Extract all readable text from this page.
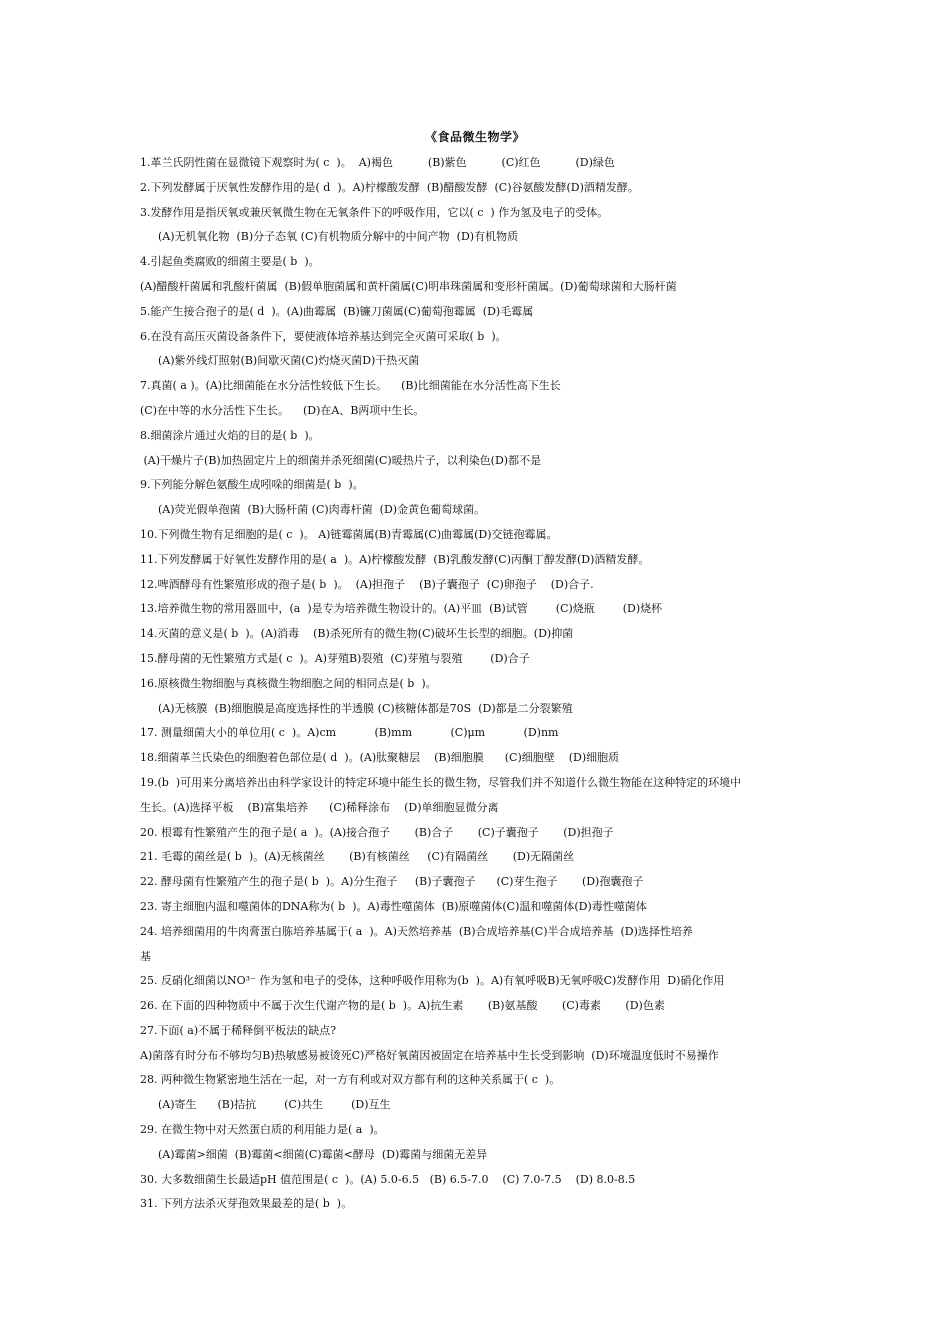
《食品微生物学》
1.革兰氏阴性菌在显微镜下观察时为( c  )。  A)褐色          (B)紫色          (C)红色          (D)绿色
2.下列发酵属于厌氧性发酵作用的是( d  )。A)柠檬酸发酵  (B)醋酸发酵  (C)谷氨酸发酵(D)酒精发酵。
3.发酵作用是指厌氧或兼厌氧微生物在无氧条件下的呼吸作用，它以( c  ) 作为氢及电子的受体。
(A)无机氧化物  (B)分子态氧 (C)有机物质分解中的中间产物  (D)有机物质
4.引起鱼类腐败的细菌主要是( b  )。
(A)醋酸杆菌属和乳酸杆菌属  (B)假单胞菌属和黄杆菌属(C)明串珠菌属和变形杆菌属。(D)葡萄球菌和大肠杆菌
5.能产生接合孢子的是( d  )。(A)曲霉属  (B)镰刀菌属(C)葡萄孢霉属  (D)毛霉属
6.在没有高压灭菌设备条件下，要使液体培养基达到完全灭菌可采取( b  )。
(A)紫外线灯照射(B)间歇灭菌(C)灼烧灭菌D)干热灭菌
7.真菌( a )。(A)比细菌能在水分活性较低下生长。    (B)比细菌能在水分活性高下生长
(C)在中等的水分活性下生长。    (D)在A、B两项中生长。
8.细菌涂片通过火焰的目的是( b  )。
(A)干燥片子(B)加热固定片上的细菌并杀死细菌(C)暖热片子，以利染色(D)都不是
9.下列能分解色氨酸生成吲哚的细菌是( b  )。
(A)荧光假单孢菌  (B)大肠杆菌 (C)肉毒杆菌  (D)金黄色葡萄球菌。
10.下列微生物有足细胞的是( c  )。 A)链霉菌属(B)青霉属(C)曲霉属(D)交链孢霉属。
11.下列发酵属于好氧性发酵作用的是( a  )。A)柠檬酸发酵  (B)乳酸发酵(C)丙酮丁醇发酵(D)酒精发酵。
12.啤酒酵母有性繁殖形成的孢子是( b  )。  (A)担孢子    (B)子囊孢子  (C)卵孢子    (D)合子.
13.培养微生物的常用器皿中，(a  )是专为培养微生物设计的。(A)平皿  (B)试管        (C)烧瓶        (D)烧杯
14.灭菌的意义是( b  )。(A)消毒    (B)杀死所有的微生物(C)破坏生长型的细胞。(D)抑菌
15.酵母菌的无性繁殖方式是( c  )。A)芽殖B)裂殖  (C)芽殖与裂殖        (D)合子
16.原核微生物细胞与真核微生物细胞之间的相同点是( b  )。
(A)无核膜  (B)细胞膜是高度选择性的半透膜 (C)核糖体都是70S  (D)都是二分裂繁殖
17. 测量细菌大小的单位用( c  )。A)cm           (B)mm           (C)μm           (D)nm
18.细菌革兰氏染色的细胞着色部位是( d  )。(A)肽聚糖层    (B)细胞膜      (C)细胞壁    (D)细胞质
19.(b  )可用来分离培养出由科学家设计的特定环境中能生长的微生物，尽管我们并不知道什么微生物能在这种特定的环境中
生长。(A)选择平板    (B)富集培养      (C)稀释涂布    (D)单细胞显微分离
20. 根霉有性繁殖产生的孢子是( a  )。(A)接合孢子       (B)合子       (C)子囊孢子       (D)担孢子
21. 毛霉的菌丝是( b  )。(A)无核菌丝       (B)有核菌丝     (C)有隔菌丝       (D)无隔菌丝
22. 酵母菌有性繁殖产生的孢子是( b  )。A)分生孢子     (B)子囊孢子      (C)芽生孢子       (D)孢囊孢子
23. 寄主细胞内温和噬菌体的DNA称为( b  )。A)毒性噬菌体  (B)原噬菌体(C)温和噬菌体(D)毒性噬菌体
24. 培养细菌用的牛肉膏蛋白胨培养基属于( a  )。A)天然培养基  (B)合成培养基(C)半合成培养基  (D)选择性培养
基
25. 反硝化细菌以NO³⁻ 作为氢和电子的受体，这种呼吸作用称为(b  )。A)有氧呼吸B)无氧呼吸C)发酵作用  D)硝化作用
26. 在下面的四种物质中不属于次生代谢产物的是( b  )。A)抗生素       (B)氨基酸       (C)毒素       (D)色素
27.下面( a)不属于稀释倒平板法的缺点?
A)菌落有时分布不够均匀B)热敏感易被烫死C)严格好氧菌因被固定在培养基中生长受到影响  (D)环境温度低时不易操作
28. 两种微生物紧密地生活在一起，对一方有利或对双方都有利的这种关系属于( c  )。
(A)寄生      (B)拮抗        (C)共生        (D)互生
29. 在微生物中对天然蛋白质的利用能力是( a  )。
(A)霉菌>细菌  (B)霉菌<细菌(C)霉菌<酵母  (D)霉菌与细菌无差异
30. 大多数细菌生长最适pH 值范围是( c  )。(A) 5.0-6.5   (B) 6.5-7.0    (C) 7.0-7.5    (D) 8.0-8.5
31. 下列方法杀灭芽孢效果最差的是( b  )。
